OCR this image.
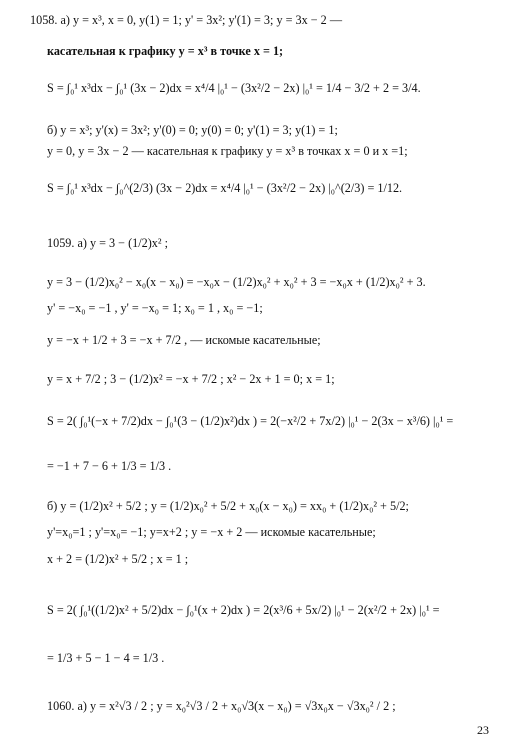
1058. а) y = x³, x = 0, y(1) = 1; y' = 3x²; y'(1) = 3; y = 3x − 2 —
касательная к графику y = x³ в точке x = 1;
S = ∫₀¹ x³dx − ∫₀¹ (3x − 2)dx = x⁴/4 |₀¹ − (3x²/2 − 2x) |₀¹ = 1/4 − 3/2 + 2 = 3/4.
б) y = x³; y'(x) = 3x²; y'(0) = 0; y(0) = 0; y'(1) = 3; y(1) = 1;
y = 0, y = 3x − 2 — касательная к графику y = x³ в точках x = 0 и x =1;
S = ∫₀¹ x³dx − ∫₀^(2/3) (3x − 2)dx = x⁴/4 |₀¹ − (3x²/2 − 2x) |₀^(2/3) = 1/12.
1059. а) y = 3 − (1/2)x² ;
y = 3 − (1/2)x₀² − x₀(x − x₀) = −x₀x − (1/2)x₀² + x₀² + 3 = −x₀x + (1/2)x₀² + 3.
y' = −x₀ = −1 , y' = −x₀ = 1; x₀ = 1 , x₀ = −1;
y = −x + 1/2 + 3 = −x + 7/2 , — искомые касательные;
y = x + 7/2 ; 3 − (1/2)x² = −x + 7/2 ; x² − 2x + 1 = 0; x = 1;
S = 2( ∫₀¹(−x + 7/2)dx − ∫₀¹(3 − (1/2)x²)dx ) = 2(−x²/2 + 7x/2) |₀¹ − 2(3x − x³/6) |₀¹ =
= −1 + 7 − 6 + 1/3 = 1/3 .
б) y = (1/2)x² + 5/2 ; y = (1/2)x₀² + 5/2 + x₀(x − x₀) = xx₀ + (1/2)x₀² + 5/2;
y'=x₀=1 ; y'=x₀= −1; y=x+2 ; y = −x + 2 — искомые касательные;
x + 2 = (1/2)x² + 5/2 ; x = 1 ;
S = 2( ∫₀¹((1/2)x² + 5/2)dx − ∫₀¹(x + 2)dx ) = 2(x³/6 + 5x/2) |₀¹ − 2(x²/2 + 2x) |₀¹ =
= 1/3 + 5 − 1 − 4 = 1/3 .
1060. а) y = x²√3 / 2 ; y = x₀²√3 / 2 + x₀√3(x − x₀) = √3x₀x − √3x₀² / 2 ;
23
